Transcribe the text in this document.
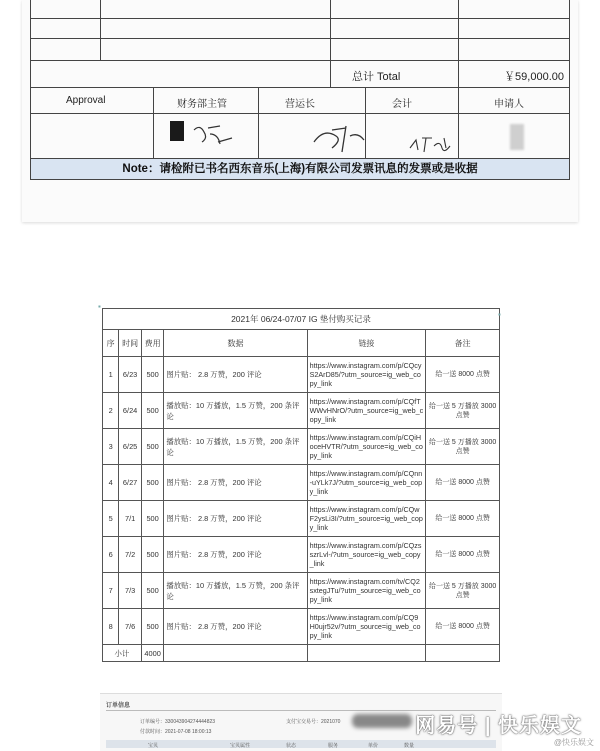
总计 Total	￥59,000.00
Approval	财务部主管	营运长	会计	申请人
Note：请检附已书名西东音乐(上海)有限公司发票讯息的发票或是收据
▪
▪
2021年 06/24-07/07 IG 垫付购买记录					
序	时间	费用	数据	链接	备注
1	6/23	500	图片贴： 2.8 万赞，200 评论	https://www.instagram.com/p/CQcyS2ArD85/?utm_source=ig_web_copy_link	给一送 8000 点赞
2	6/24	500	播放贴：10 万播放，1.5 万赞，200 条评论	https://www.instagram.com/p/CQfTWWvHNrO/?utm_source=ig_web_copy_link	给一送 5 万播放 3000 点赞
3	6/25	500	播放贴：10 万播放，1.5 万赞，200 条评论	https://www.instagram.com/p/CQiHoceHVTR/?utm_source=ig_web_copy_link	给一送 5 万播放 3000 点赞
4	6/27	500	图片贴： 2.8 万赞，200 评论	https://www.instagram.com/p/CQnn-uYLk7J/?utm_source=ig_web_copy_link	给一送 8000 点赞
5	7/1	500	图片贴： 2.8 万赞，200 评论	https://www.instagram.com/p/CQwF2ysLi3I/?utm_source=ig_web_copy_link	给一送 8000 点赞
6	7/2	500	图片贴： 2.8 万赞，200 评论	https://www.instagram.com/p/CQzsszrLvl-/?utm_source=ig_web_copy_link	给一送 8000 点赞
7	7/3	500	播放贴：10 万播放，1.5 万赞，200 条评论	https://www.instagram.com/tv/CQ2sxtegJTu/?utm_source=ig_web_copy_link	给一送 5 万播放 3000 点赞
8	7/6	500	图片贴： 2.8 万赞，200 评论	https://www.instagram.com/p/CQ9H0ujr52v/?utm_source=ig_web_copy_link	给一送 8000 点赞
小计		4000			
订单信息
订单编号：330043904274444823	支付宝交易号：2021070
付款时间：2021-07-08 18:00:13
宝贝	宝贝属性	状态	服务	单价	数量
网易号 | 快乐娱文
@快乐娱文
